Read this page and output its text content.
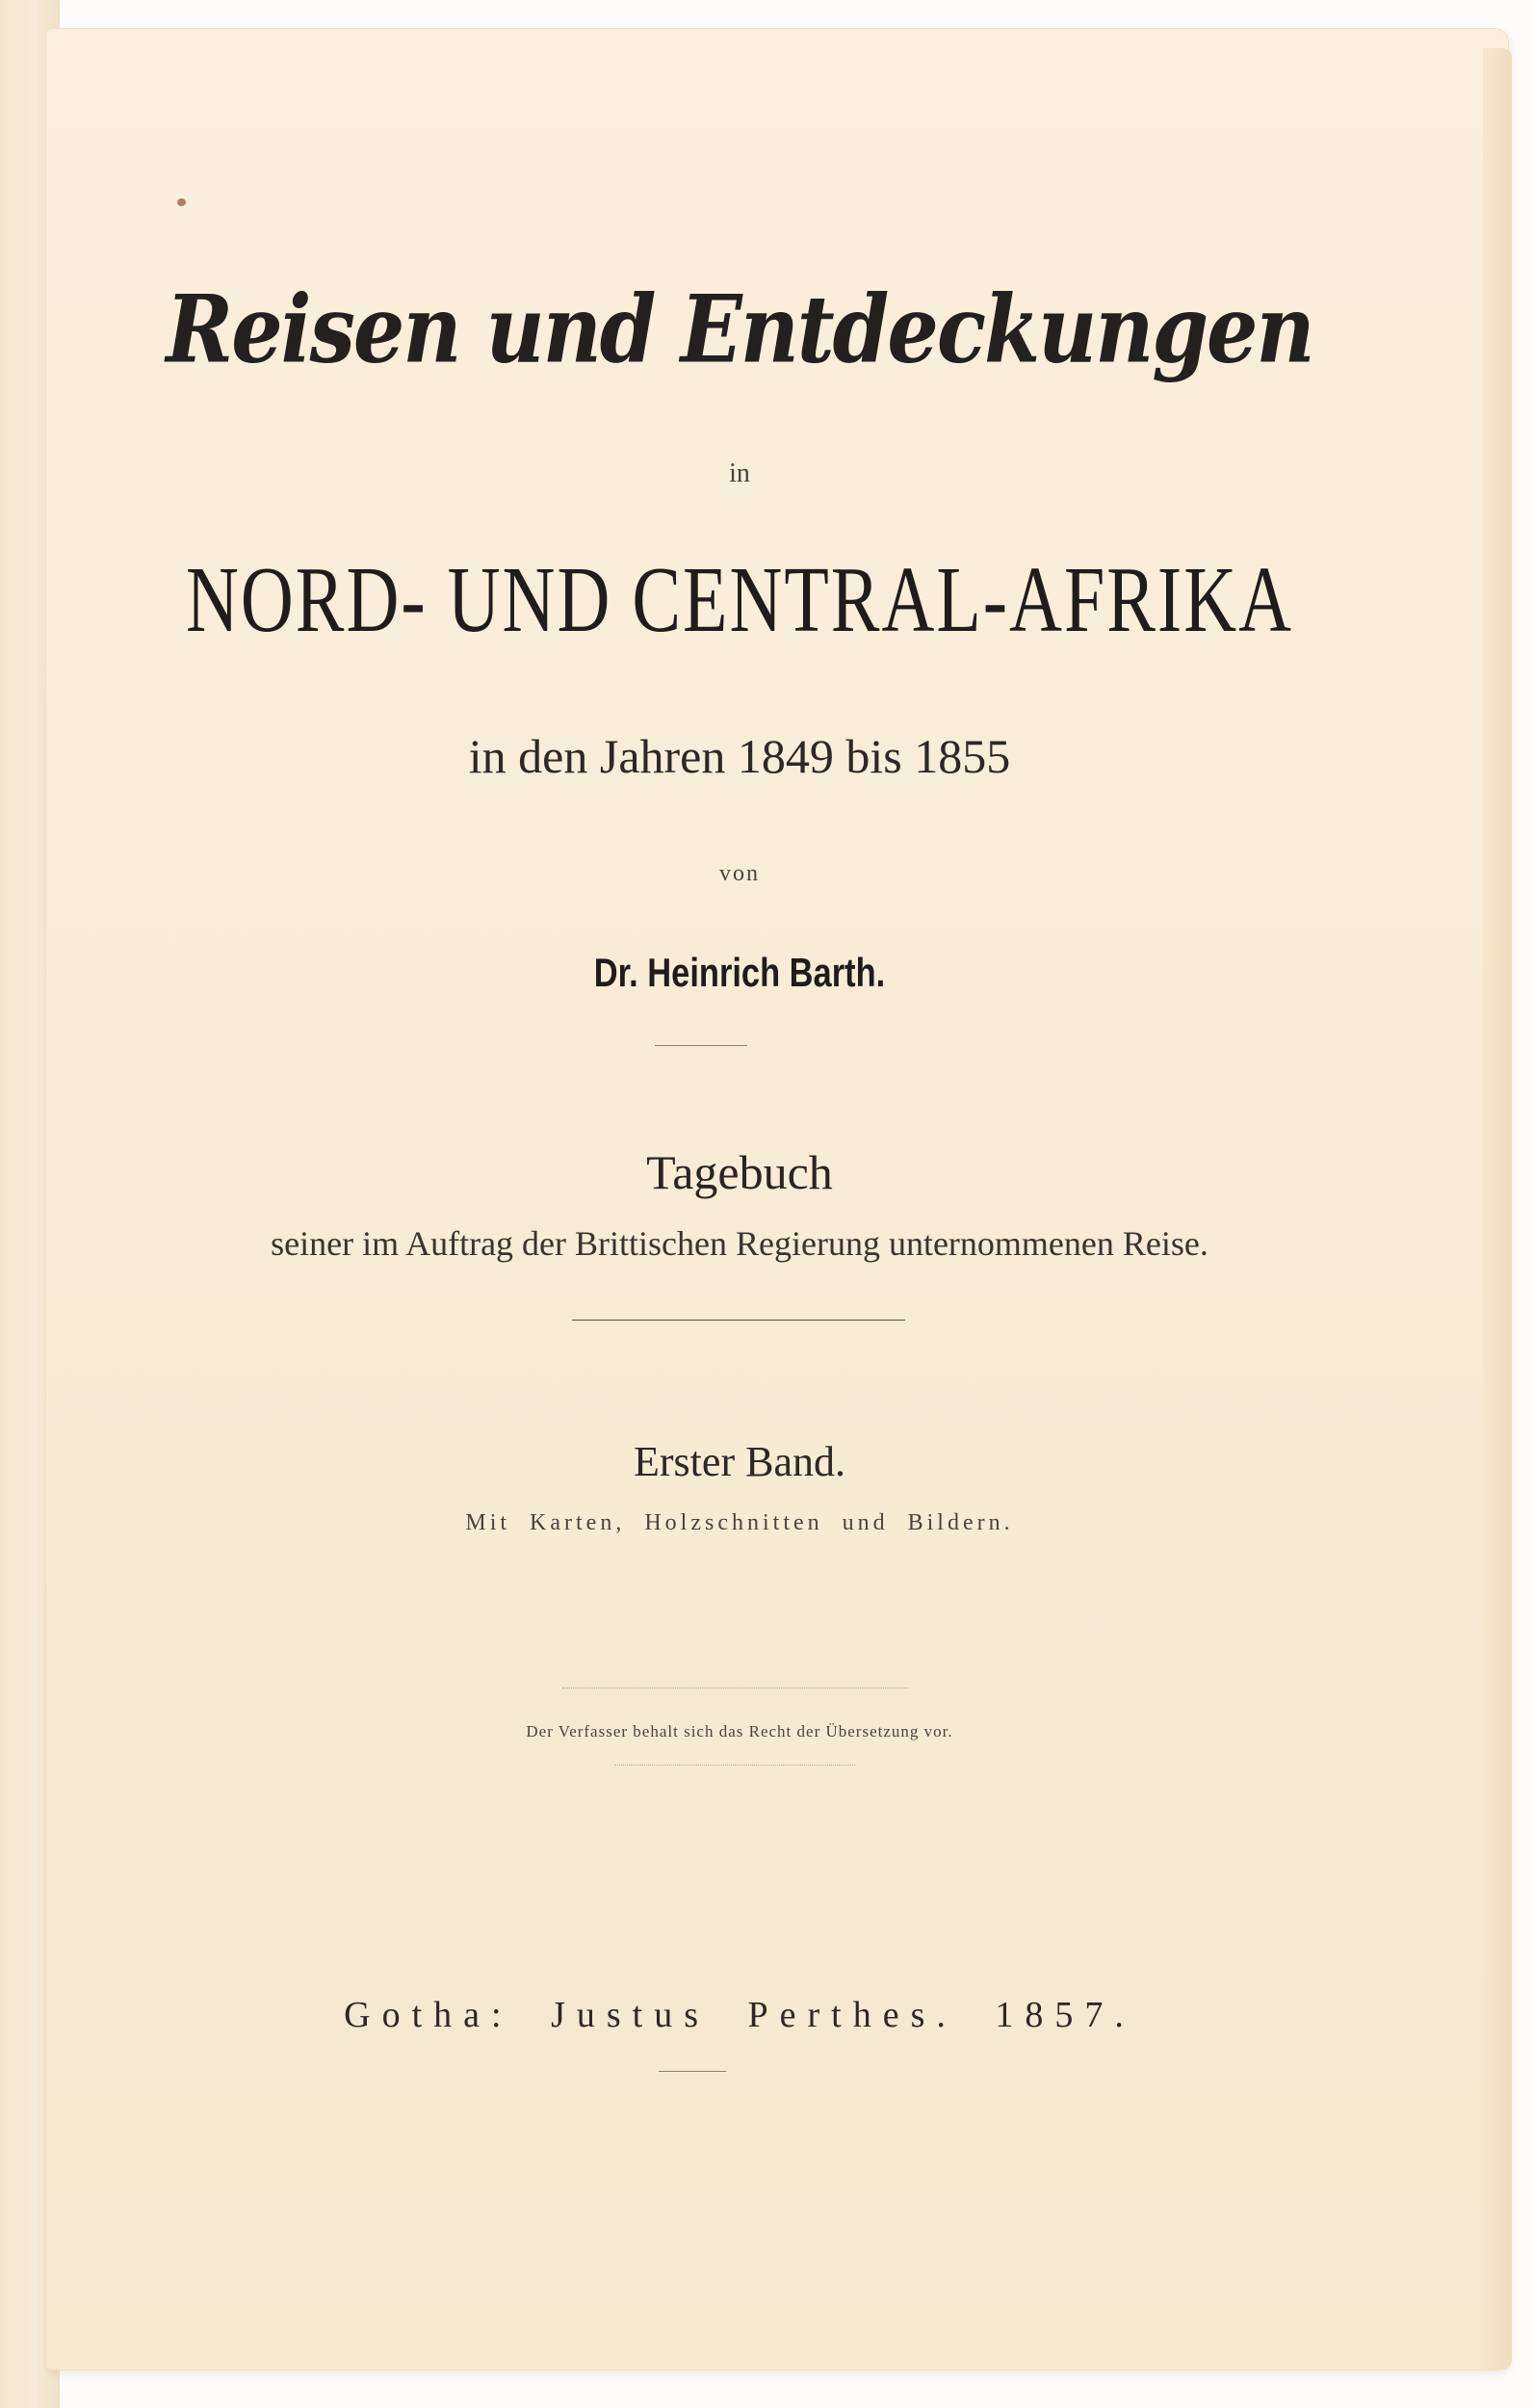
Reisen und Entdeckungen
in
NORD- UND CENTRAL-AFRIKA
in den Jahren 1849 bis 1855
von
Dr. Heinrich Barth.
Tagebuch
seiner im Auftrag der Brittischen Regierung unternommenen Reise.
Erster Band.
Mit Karten, Holzschnitten und Bildern.
Der Verfasser behalt sich das Recht der Übersetzung vor.
Gotha: Justus Perthes. 1857.
